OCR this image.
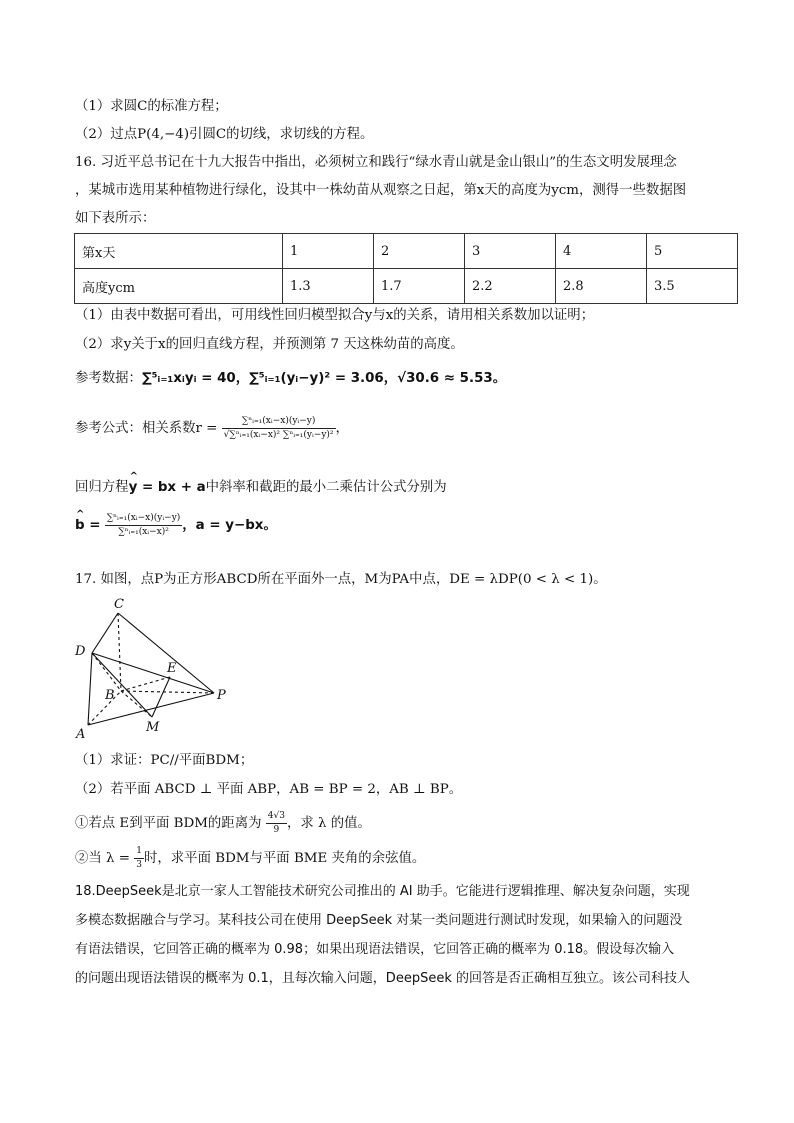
（1）求圆C的标准方程；
（2）过点P(4,−4)引圆C的切线，求切线的方程。
16. 习近平总书记在十九大报告中指出，必须树立和践行“绿水青山就是金山银山”的生态文明发展理念
，某城市选用某种植物进行绿化，设其中一株幼苗从观察之日起，第x天的高度为ycm，测得一些数据图
如下表所示：
第x天	1	2	3	4	5
高度ycm	1.3	1.7	2.2	2.8	3.5
（1）由表中数据可看出，可用线性回归模型拟合y与x的关系，请用相关系数加以证明；
（2）求y关于x的回归直线方程，并预测第 7 天这株幼苗的高度。
参考数据：∑⁵ᵢ₌₁xᵢyᵢ = 40，∑⁵ᵢ₌₁(yᵢ−y)² = 3.06，√30.6 ≈ 5.53。
参考公式：相关系数$r = \frac{\text{∑ⁿᵢ₌₁(xᵢ−x)(yᵢ−y)}}{\text{√∑ⁿᵢ₌₁(xᵢ−x)² ∑ⁿᵢ₌₁(yᵢ−y)²}}$ ，
回归方程^ y = bx + a中斜率和截距的最小二乘估计公式分别为
^ $b = \frac{\text{∑ⁿᵢ₌₁(xᵢ−x)(yᵢ−y)}}{\text{∑ⁿᵢ₌₁(xᵢ−x)²}}$ ，a = y−bx。
17. 如图，点P为正方形ABCD所在平面外一点，M为PA中点，DE = λDP(0 < λ < 1)。
C
D
E
B	P
M
A
（1）求证：PC//平面BDM；
（2）若平面 ABCD ⊥ 平面 ABP，AB = BP = 2，AB ⊥ BP。
①若点 E到平面 BDM的距离为 $\frac{4√3}{9}$ ，求 λ 的值。
②当 $\lambda = \frac{1}{3}$ 时，求平面 BDM与平面 BME 夹角的余弦值。
18.DeepSeek是北京一家人工智能技术研究公司推出的 AI 助手。它能进行逻辑推理、解决复杂问题，实现
多模态数据融合与学习。某科技公司在使用 DeepSeek 对某一类问题进行测试时发现，如果输入的问题没
有语法错误，它回答正确的概率为 0.98；如果出现语法错误，它回答正确的概率为 0.18。假设每次输入
的问题出现语法错误的概率为 0.1，且每次输入问题，DeepSeek 的回答是否正确相互独立。该公司科技人
